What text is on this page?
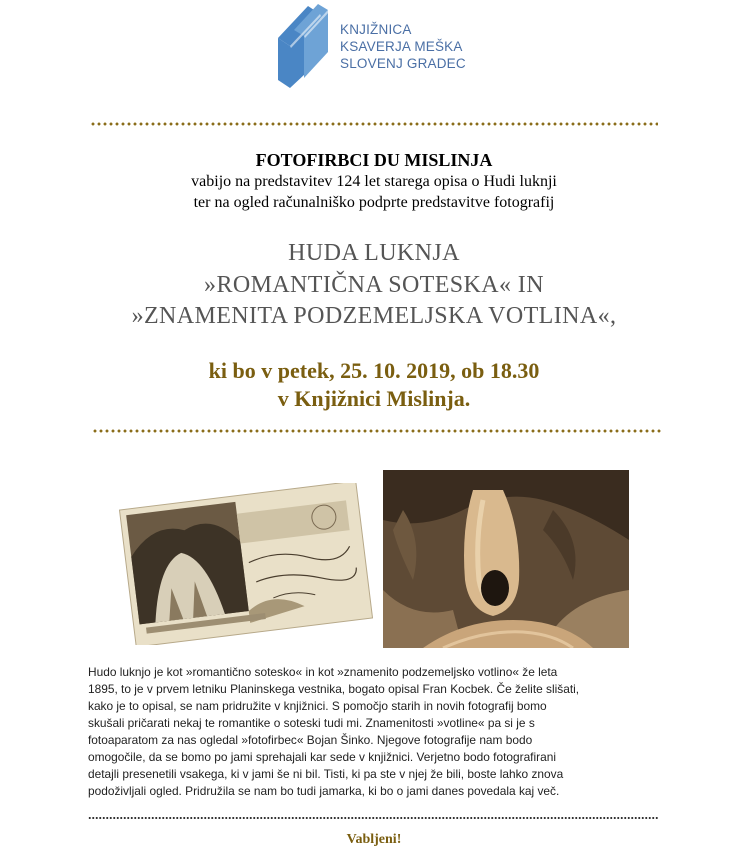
KNJIŽNICA
KSAVERJA MEŠKA
SLOVENJ GRADEC
FOTOFIRBCI DU MISLINJA
vabijo na predstavitev 124 let starega opisa o Hudi luknji
ter na ogled računalniško podprte predstavitve fotografij
HUDA LUKNJA
»ROMANTIČNA SOTESKA« IN
»ZNAMENITA PODZEMELJSKA VOTLINA«,
ki bo v petek, 25. 10. 2019, ob 18.30
v Knjižnici Mislinja.

Hudo luknjo je kot »romantično sotesko« in kot »znamenito podzemeljsko votlino« že leta

1895, to je v prvem letniku Planinskega vestnika, bogato opisal Fran Kocbek. Če želite slišati,

kako je to opisal, se nam pridružite v knjižnici. S pomočjo starih in novih fotografij bomo

skušali pričarati nekaj te romantike o soteski tudi mi. Znamenitosti »votline« pa si je s

fotoaparatom za nas ogledal »fotofirbec« Bojan Šinko. Njegove fotografije nam bodo

omogočile, da se bomo po jami sprehajali kar sede v knjižnici. Verjetno bodo fotografirani

detajli presenetili vsakega, ki v jami še ni bil. Tisti, ki pa ste v njej že bili, boste lahko znova

podoživljali ogled. Pridružila se nam bo tudi jamarka, ki bo o jami danes povedala kaj več.

Vabljeni!
